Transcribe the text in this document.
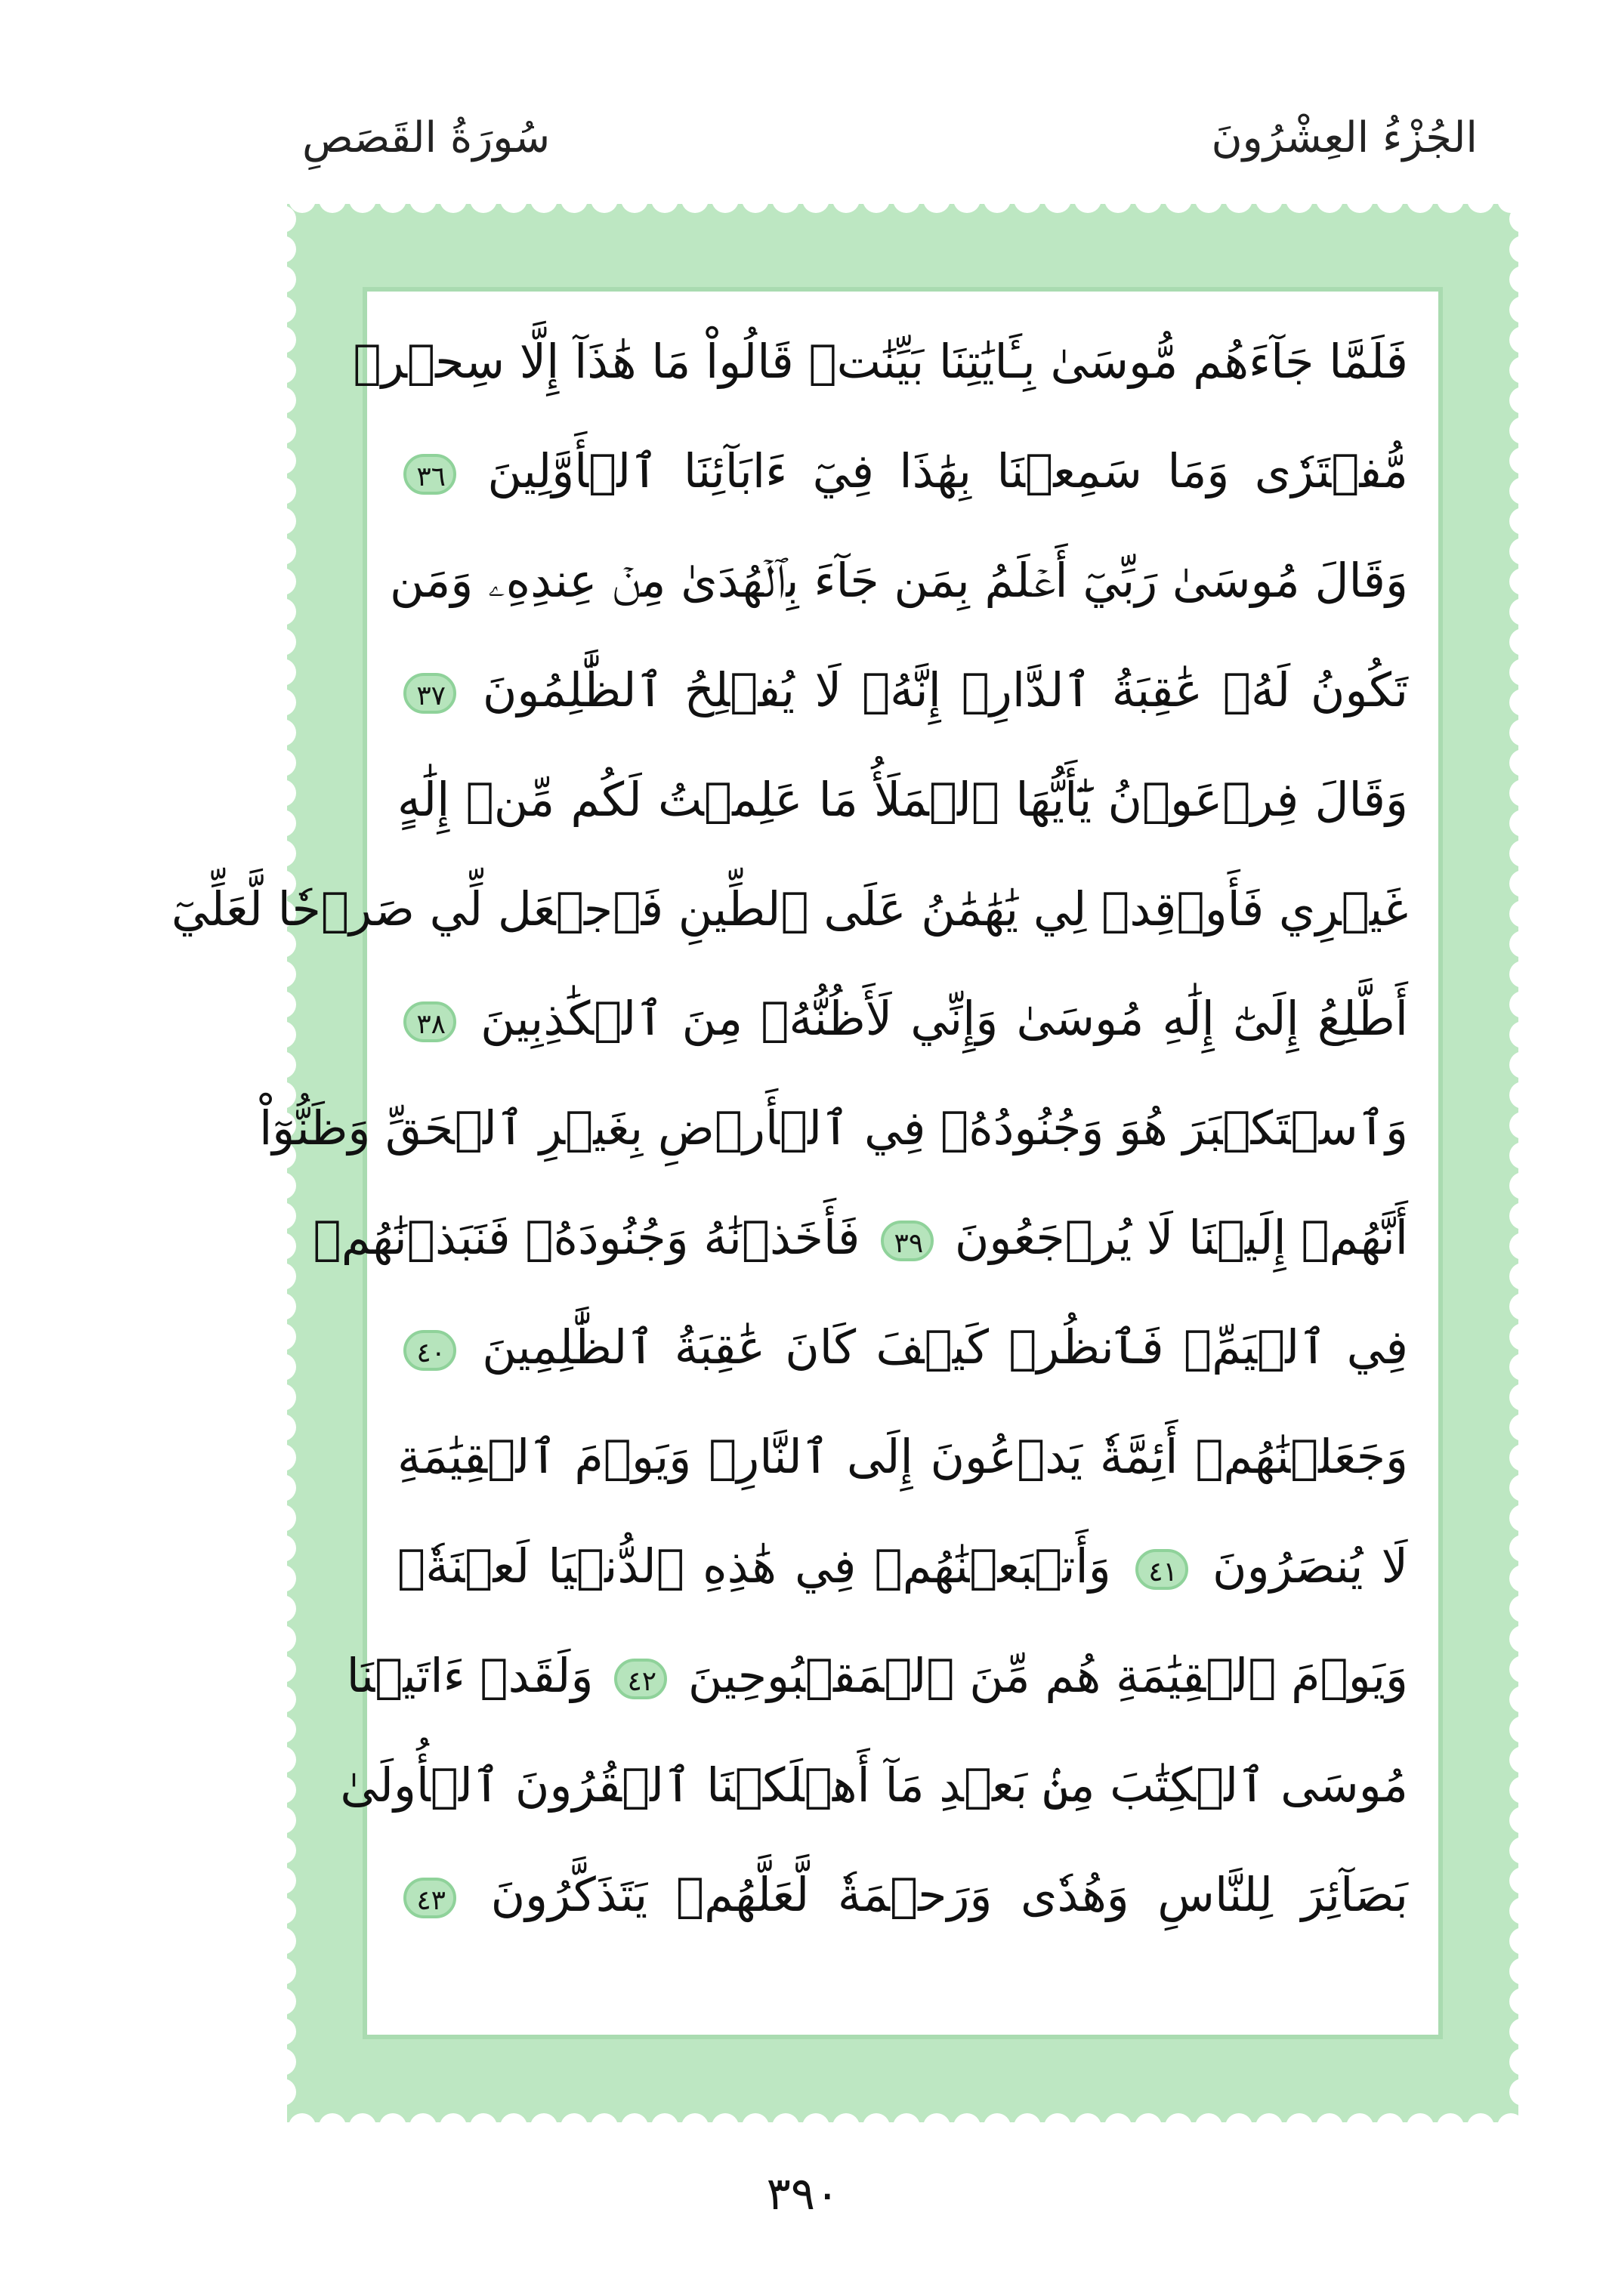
الجُزْءُ العِشْرُونَ
سُورَةُ القَصَصِ
فَلَمَّا جَآءَهُم مُّوسَىٰ بِـَٔايَٰتِنَا بَيِّنَٰتٖ قَالُواْ مَا هَٰذَآ إِلَّا سِحۡرٞ
مُّفۡتَرٗى وَمَا سَمِعۡنَا بِهَٰذَا فِيٓ ءَابَآئِنَا ٱلۡأَوَّلِينَ ٣٦
وَقَالَ مُوسَىٰ رَبِّيٓ أَعۡلَمُ بِمَن جَآءَ بِٱلۡهُدَىٰ مِنۡ عِندِهِۦ وَمَن
تَكُونُ لَهُۥ عَٰقِبَةُ ٱلدَّارِۚ إِنَّهُۥ لَا يُفۡلِحُ ٱلظَّٰلِمُونَ ٣٧
وَقَالَ فِرۡعَوۡنُ يَٰٓأَيُّهَا ٱلۡمَلَأُ مَا عَلِمۡتُ لَكُم مِّنۡ إِلَٰهٍ
غَيۡرِي فَأَوۡقِدۡ لِي يَٰهَٰمَٰنُ عَلَى ٱلطِّينِ فَٱجۡعَل لِّي صَرۡحٗا لَّعَلِّيٓ
أَطَّلِعُ إِلَىٰٓ إِلَٰهِ مُوسَىٰ وَإِنِّي لَأَظُنُّهُۥ مِنَ ٱلۡكَٰذِبِينَ ٣٨
وَٱسۡتَكۡبَرَ هُوَ وَجُنُودُهُۥ فِي ٱلۡأَرۡضِ بِغَيۡرِ ٱلۡحَقِّ وَظَنُّوٓاْ
أَنَّهُمۡ إِلَيۡنَا لَا يُرۡجَعُونَ ٣٩ فَأَخَذۡنَٰهُ وَجُنُودَهُۥ فَنَبَذۡنَٰهُمۡ
فِي ٱلۡيَمِّۖ فَٱنظُرۡ كَيۡفَ كَانَ عَٰقِبَةُ ٱلظَّٰلِمِينَ ٤٠
وَجَعَلۡنَٰهُمۡ أَئِمَّةٗ يَدۡعُونَ إِلَى ٱلنَّارِۖ وَيَوۡمَ ٱلۡقِيَٰمَةِ
لَا يُنصَرُونَ ٤١ وَأَتۡبَعۡنَٰهُمۡ فِي هَٰذِهِ ٱلدُّنۡيَا لَعۡنَةٗۖ
وَيَوۡمَ ٱلۡقِيَٰمَةِ هُم مِّنَ ٱلۡمَقۡبُوحِينَ ٤٢ وَلَقَدۡ ءَاتَيۡنَا
مُوسَى ٱلۡكِتَٰبَ مِنۢ بَعۡدِ مَآ أَهۡلَكۡنَا ٱلۡقُرُونَ ٱلۡأُولَىٰ
بَصَآئِرَ لِلنَّاسِ وَهُدٗى وَرَحۡمَةٗ لَّعَلَّهُمۡ يَتَذَكَّرُونَ ٤٣
٣٩٠
